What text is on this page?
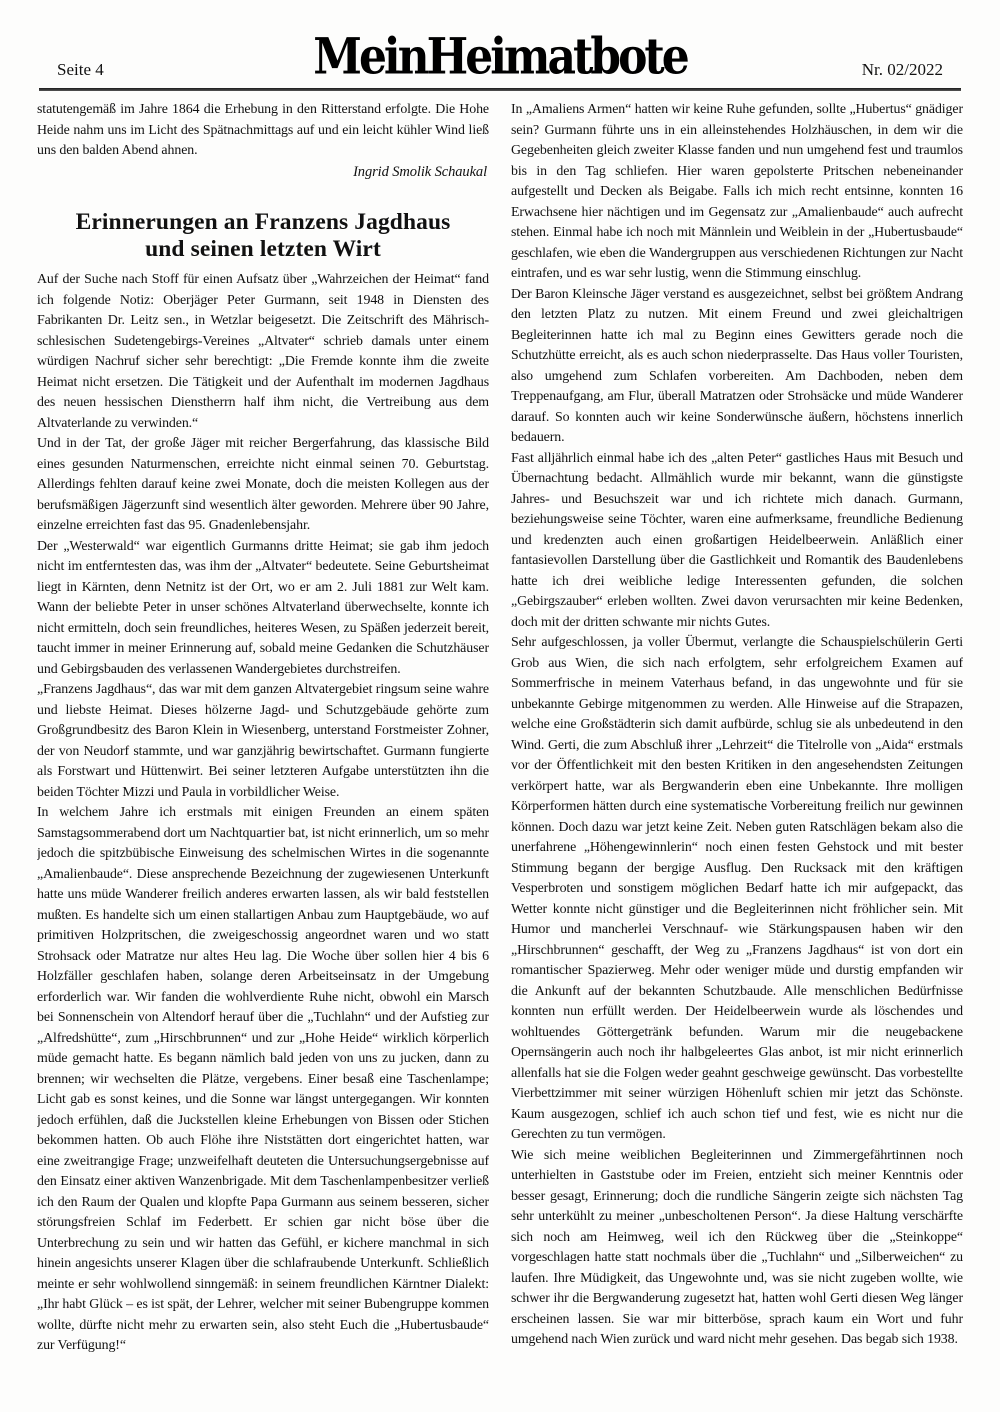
Seite 4	MeinHeimatbote	Nr. 02/2022

statutengemäß im Jahre 1864 die Erhebung in den Ritterstand erfolgte. Die Hohe Heide nahm uns im Licht des Spätnachmittags auf und ein leicht kühler Wind ließ uns den balden Abend ahnen.

Ingrid Smolik Schaukal

Erinnerungen an Franzens Jagdhaus
und seinen letzten Wirt

Auf der Suche nach Stoff für einen Aufsatz über „Wahrzeichen der Heimat“ fand ich folgende Notiz: Oberjäger Peter Gurmann, seit 1948 in Diensten des Fabrikanten Dr. Leitz sen., in Wetzlar beigesetzt. Die Zeitschrift des Mährisch-schlesischen Sudetengebirgs-Vereines „Altvater“ schrieb damals unter einem würdigen Nachruf sicher sehr berechtigt: „Die Fremde konnte ihm die zweite Heimat nicht ersetzen. Die Tätigkeit und der Aufenthalt im modernen Jagdhaus des neuen hessischen Dienstherrn half ihm nicht, die Vertreibung aus dem Altvaterlande zu verwinden.“

Und in der Tat, der große Jäger mit reicher Bergerfahrung, das klassische Bild eines gesunden Naturmenschen, erreichte nicht einmal seinen 70. Geburtstag. Allerdings fehlten darauf keine zwei Monate, doch die meisten Kollegen aus der berufsmäßigen Jägerzunft sind wesentlich älter geworden. Mehrere über 90 Jahre, einzelne erreichten fast das 95. Gnadenlebensjahr.

Der „Westerwald“ war eigentlich Gurmanns dritte Heimat; sie gab ihm jedoch nicht im entferntesten das, was ihm der „Altvater“ bedeutete. Seine Geburtsheimat liegt in Kärnten, denn Netnitz ist der Ort, wo er am 2. Juli 1881 zur Welt kam. Wann der beliebte Peter in unser schönes Altvaterland überwechselte, konnte ich nicht ermitteln, doch sein freundliches, heiteres Wesen, zu Späßen jederzeit bereit, taucht immer in meiner Erinnerung auf, sobald meine Gedanken die Schutzhäuser und Gebirgsbauden des verlassenen Wandergebietes durchstreifen.

„Franzens Jagdhaus“, das war mit dem ganzen Altvatergebiet ringsum seine wahre und liebste Heimat. Dieses hölzerne Jagd- und Schutzgebäude gehörte zum Großgrundbesitz des Baron Klein in Wiesenberg, unterstand Forstmeister Zohner, der von Neudorf stammte, und war ganzjährig bewirtschaftet. Gurmann fungierte als Forstwart und Hüttenwirt. Bei seiner letzteren Aufgabe unterstützten ihn die beiden Töchter Mizzi und Paula in vorbildlicher Weise.

In welchem Jahre ich erstmals mit einigen Freunden an einem späten Samstagsommerabend dort um Nachtquartier bat, ist nicht erinnerlich, um so mehr jedoch die spitzbübische Einweisung des schelmischen Wirtes in die sogenannte „Amalienbaude“. Diese ansprechende Bezeichnung der zugewiesenen Unterkunft hatte uns müde Wanderer freilich anderes erwarten lassen, als wir bald feststellen mußten. Es handelte sich um einen stallartigen Anbau zum Hauptgebäude, wo auf primitiven Holzpritschen, die zweigeschossig angeordnet waren und wo statt Strohsack oder Matratze nur altes Heu lag. Die Woche über sollen hier 4 bis 6 Holzfäller geschlafen haben, solange deren Arbeitseinsatz in der Umgebung erforderlich war. Wir fanden die wohlverdiente Ruhe nicht, obwohl ein Marsch bei Sonnenschein von Altendorf herauf über die „Tuchlahn“ und der Aufstieg zur „Alfredshütte“, zum „Hirschbrunnen“ und zur „Hohe Heide“ wirklich körperlich müde gemacht hatte. Es begann nämlich bald jeden von uns zu jucken, dann zu brennen; wir wechselten die Plätze, vergebens. Einer besaß eine Taschenlampe; Licht gab es sonst keines, und die Sonne war längst untergegangen. Wir konnten jedoch erfühlen, daß die Juckstellen kleine Erhebungen von Bissen oder Stichen bekommen hatten. Ob auch Flöhe ihre Niststätten dort eingerichtet hatten, war eine zweitrangige Frage; unzweifelhaft deuteten die Untersuchungsergebnisse auf den Einsatz einer aktiven Wanzenbrigade. Mit dem Taschenlampenbesitzer verließ ich den Raum der Qualen und klopfte Papa Gurmann aus seinem besseren, sicher störungsfreien Schlaf im Federbett. Er schien gar nicht böse über die Unterbrechung zu sein und wir hatten das Gefühl, er kichere manchmal in sich hinein angesichts unserer Klagen über die schlafraubende Unterkunft. Schließlich meinte er sehr wohlwollend sinngemäß: in seinem freundlichen Kärntner Dialekt: „Ihr habt Glück – es ist spät, der Lehrer, welcher mit seiner Bubengruppe kommen wollte, dürfte nicht mehr zu erwarten sein, also steht Euch die „Hubertusbaude“ zur Verfügung!“

In „Amaliens Armen“ hatten wir keine Ruhe gefunden, sollte „Hubertus“ gnädiger sein? Gurmann führte uns in ein alleinstehendes Holzhäuschen, in dem wir die Gegebenheiten gleich zweiter Klasse fanden und nun umgehend fest und traumlos bis in den Tag schliefen. Hier waren gepolsterte Pritschen nebeneinander aufgestellt und Decken als Beigabe. Falls ich mich recht entsinne, konnten 16 Erwachsene hier nächtigen und im Gegensatz zur „Amalienbaude“ auch aufrecht stehen. Einmal habe ich noch mit Männlein und Weiblein in der „Hubertusbaude“ geschlafen, wie eben die Wandergruppen aus verschiedenen Richtungen zur Nacht eintrafen, und es war sehr lustig, wenn die Stimmung einschlug.

Der Baron Kleinsche Jäger verstand es ausgezeichnet, selbst bei größtem Andrang den letzten Platz zu nutzen. Mit einem Freund und zwei gleichaltrigen Begleiterinnen hatte ich mal zu Beginn eines Gewitters gerade noch die Schutzhütte erreicht, als es auch schon niederprasselte. Das Haus voller Touristen, also umgehend zum Schlafen vorbereiten. Am Dachboden, neben dem Treppenaufgang, am Flur, überall Matratzen oder Strohsäcke und müde Wanderer darauf. So konnten auch wir keine Sonderwünsche äußern, höchstens innerlich bedauern.

Fast alljährlich einmal habe ich des „alten Peter“ gastliches Haus mit Besuch und Übernachtung bedacht. Allmählich wurde mir bekannt, wann die günstigste Jahres- und Besuchszeit war und ich richtete mich danach. Gurmann, beziehungsweise seine Töchter, waren eine aufmerksame, freundliche Bedienung und kredenzten auch einen großartigen Heidelbeerwein. Anläßlich einer fantasievollen Darstellung über die Gastlichkeit und Romantik des Baudenlebens hatte ich drei weibliche ledige Interessenten gefunden, die solchen „Gebirgszauber“ erleben wollten. Zwei davon verursachten mir keine Bedenken, doch mit der dritten schwante mir nichts Gutes.

Sehr aufgeschlossen, ja voller Übermut, verlangte die Schauspielschülerin Gerti Grob aus Wien, die sich nach erfolgtem, sehr erfolgreichem Examen auf Sommerfrische in meinem Vaterhaus befand, in das ungewohnte und für sie unbekannte Gebirge mitgenommen zu werden. Alle Hinweise auf die Strapazen, welche eine Großstädterin sich damit aufbürde, schlug sie als unbedeutend in den Wind. Gerti, die zum Abschluß ihrer „Lehrzeit“ die Titelrolle von „Aida“ erstmals vor der Öffentlichkeit mit den besten Kritiken in den angesehendsten Zeitungen verkörpert hatte, war als Bergwanderin eben eine Unbekannte. Ihre molligen Körperformen hätten durch eine systematische Vorbereitung freilich nur gewinnen können. Doch dazu war jetzt keine Zeit. Neben guten Ratschlägen bekam also die unerfahrene „Höhengewinnlerin“ noch einen festen Gehstock und mit bester Stimmung begann der bergige Ausflug. Den Rucksack mit den kräftigen Vesperbroten und sonstigem möglichen Bedarf hatte ich mir aufgepackt, das Wetter konnte nicht günstiger und die Begleiterinnen nicht fröhlicher sein. Mit Humor und mancherlei Verschnauf- wie Stärkungspausen haben wir den „Hirschbrunnen“ geschafft, der Weg zu „Franzens Jagdhaus“ ist von dort ein romantischer Spazierweg. Mehr oder weniger müde und durstig empfanden wir die Ankunft auf der bekannten Schutzbaude. Alle menschlichen Bedürfnisse konnten nun erfüllt werden. Der Heidelbeerwein wurde als löschendes und wohltuendes Göttergetränk befunden. Warum mir die neugebackene Opernsängerin auch noch ihr halbgeleertes Glas anbot, ist mir nicht erinnerlich allenfalls hat sie die Folgen weder geahnt geschweige gewünscht. Das vorbestellte Vierbettzimmer mit seiner würzigen Höhenluft schien mir jetzt das Schönste. Kaum ausgezogen, schlief ich auch schon tief und fest, wie es nicht nur die Gerechten zu tun vermögen.

Wie sich meine weiblichen Begleiterinnen und Zimmergefährtinnen noch unterhielten in Gaststube oder im Freien, entzieht sich meiner Kenntnis oder besser gesagt, Erinnerung; doch die rundliche Sängerin zeigte sich nächsten Tag sehr unterkühlt zu meiner „unbescholtenen Person“. Ja diese Haltung verschärfte sich noch am Heimweg, weil ich den Rückweg über die „Steinkoppe“ vorgeschlagen hatte statt nochmals über die „Tuchlahn“ und „Silberweichen“ zu laufen. Ihre Müdigkeit, das Ungewohnte und, was sie nicht zugeben wollte, wie schwer ihr die Bergwanderung zugesetzt hat, hatten wohl Gerti diesen Weg länger erscheinen lassen. Sie war mir bitterböse, sprach kaum ein Wort und fuhr umgehend nach Wien zurück und ward nicht mehr gesehen. Das begab sich 1938.
